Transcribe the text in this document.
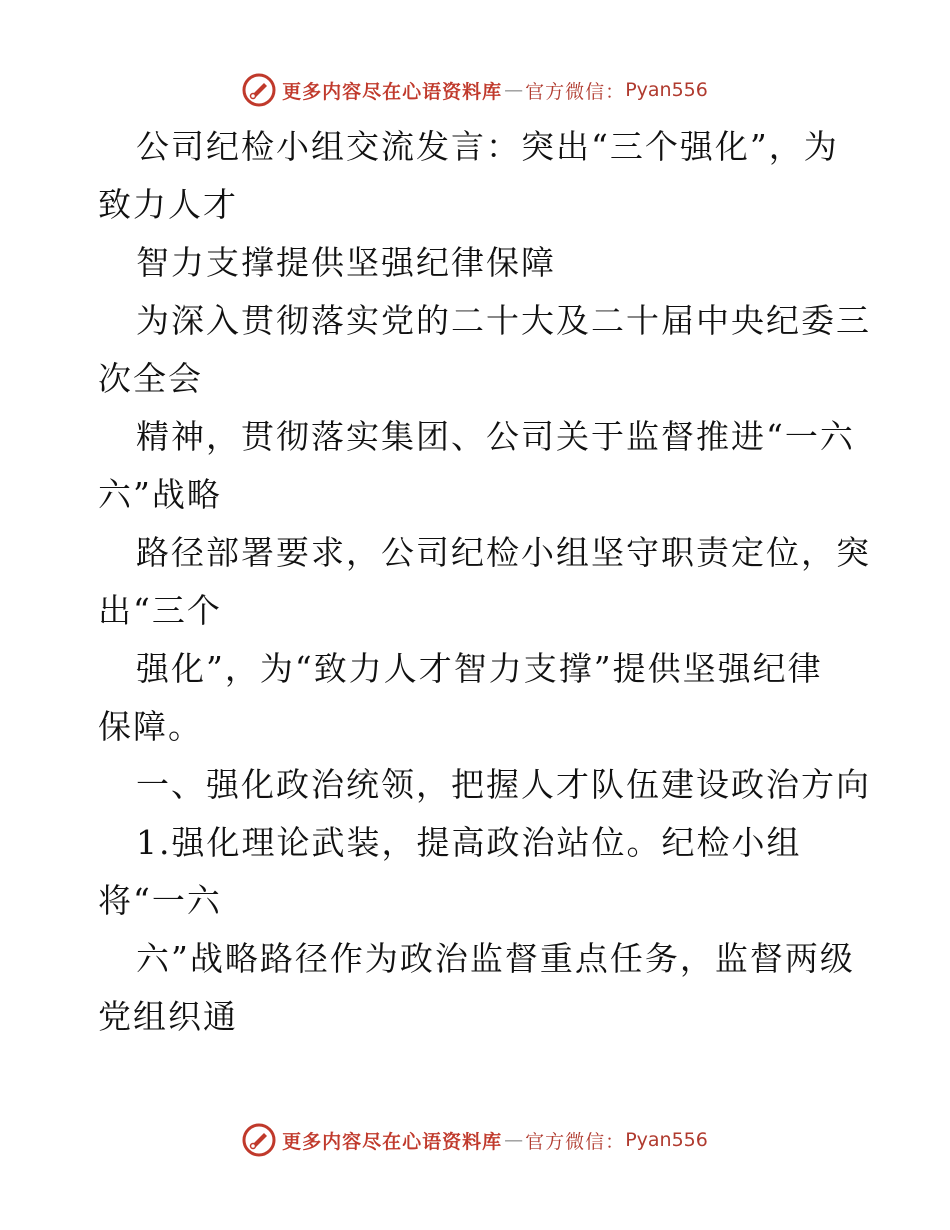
更多内容尽在心语资料库 — 官方微信： Pyan556
公司纪检小组交流发言：突出“三个强化”，为
致力人才
智力支撑提供坚强纪律保障
为深入贯彻落实党的二十大及二十届中央纪委三
次全会
精神，贯彻落实集团、公司关于监督推进“一六
六”战略
路径部署要求，公司纪检小组坚守职责定位，突
出“三个
强化”，为“致力人才智力支撑”提供坚强纪律
保障。
一、强化政治统领，把握人才队伍建设政治方向
1.强化理论武装，提高政治站位。纪检小组
将“一六
六”战略路径作为政治监督重点任务，监督两级
党组织通
更多内容尽在心语资料库 — 官方微信： Pyan556
